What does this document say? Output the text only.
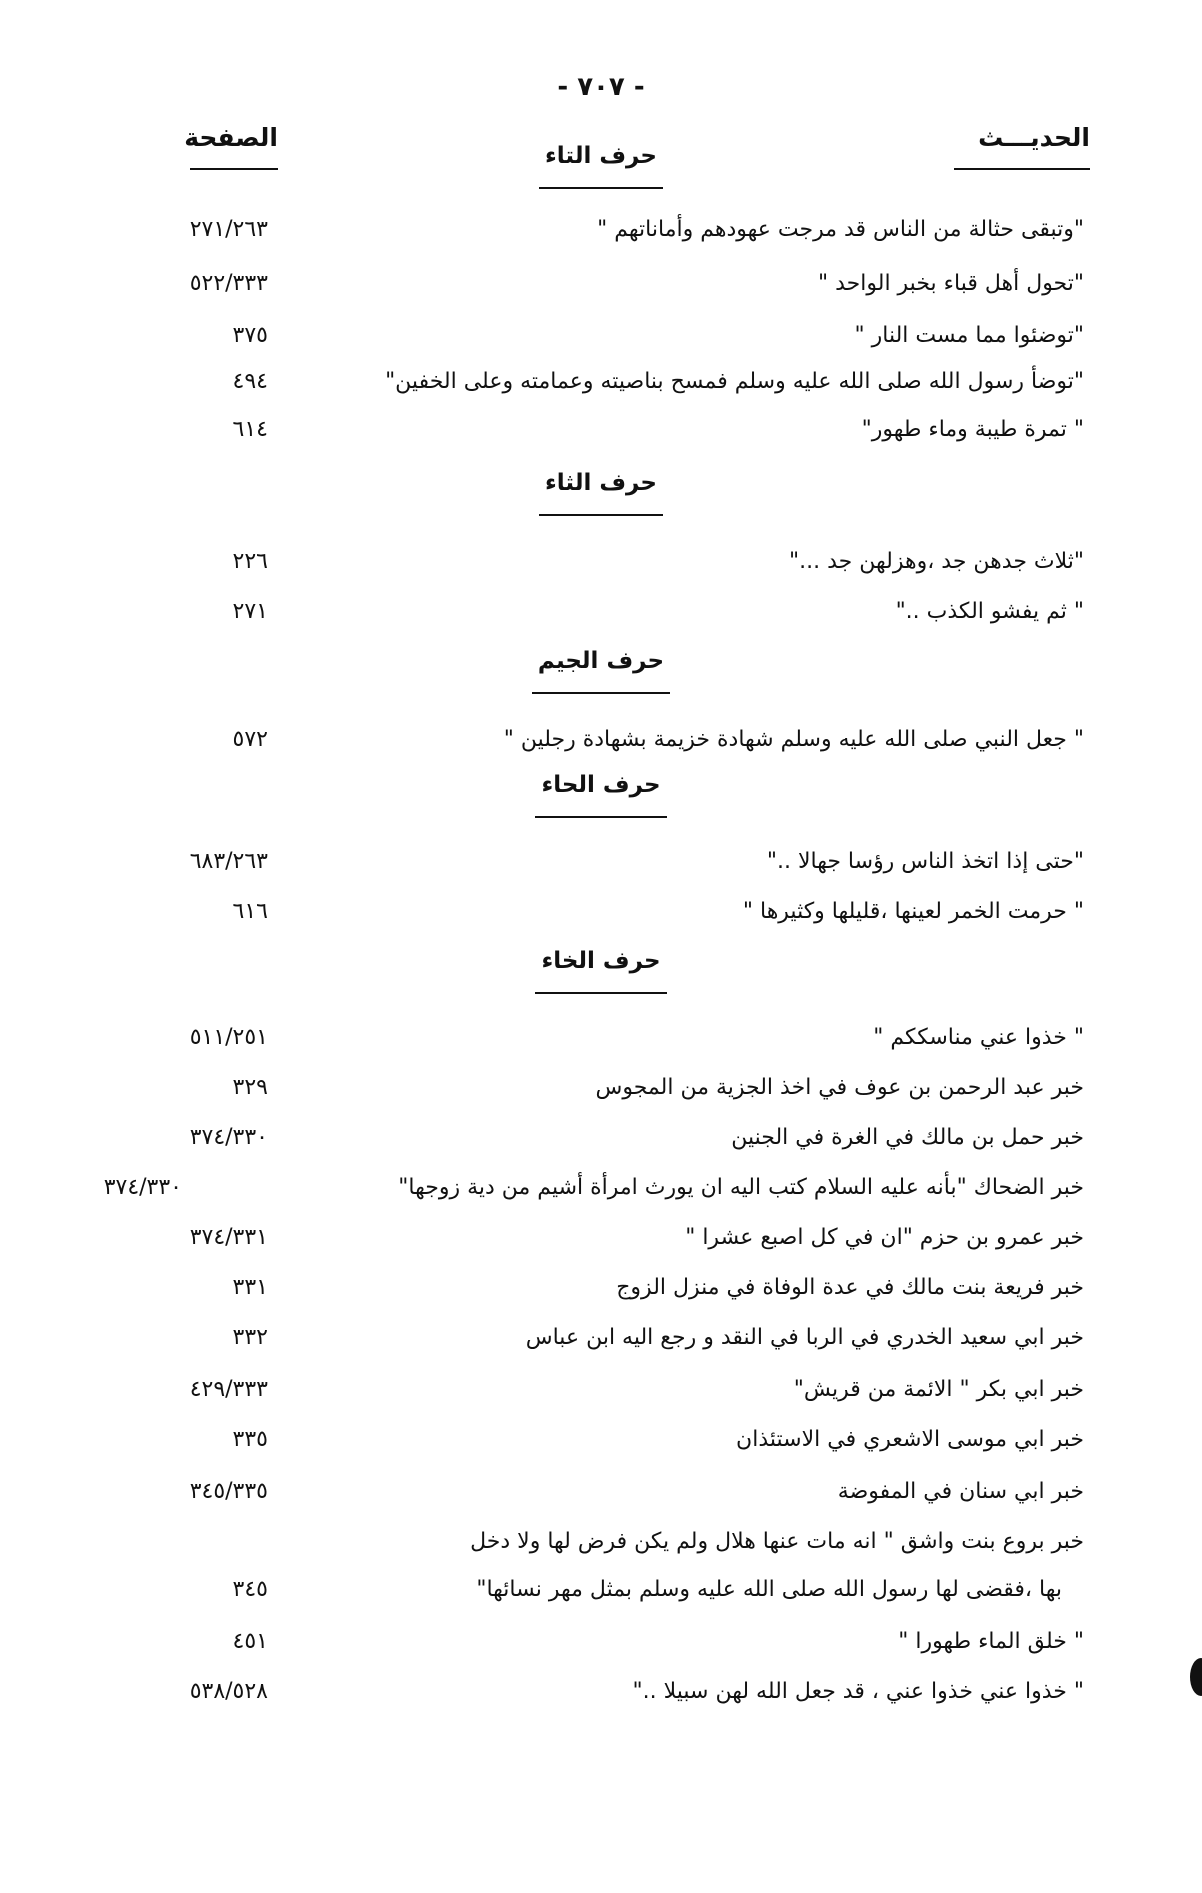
- ٧٠٧ -
الحديـــث
الصفحة
حرف التاء
"وتبقى حثالة من الناس قد مرجت عهودهم وأماناتهم "
٢٧١/٢٦٣
"تحول أهل قباء بخبر الواحد "
٥٢٢/٣٣٣
"توضئوا مما مست النار "
٣٧٥
"توضأ رسول الله صلى الله عليه وسلم فمسح بناصيته وعمامته وعلى الخفين"
٤٩٤
" تمرة طيبة وماء طهور"
٦١٤
حرف الثاء
"ثلاث جدهن جد ،وهزلهن جد ..."
٢٢٦
" ثم يفشو الكذب .."
٢٧١
حرف الجيم
" جعل النبي صلى الله عليه وسلم شهادة خزيمة بشهادة رجلين "
٥٧٢
حرف الحاء
"حتى إذا اتخذ الناس رؤسا جهالا .."
٦٨٣/٢٦٣
" حرمت الخمر لعينها ،قليلها وكثيرها "
٦١٦
حرف الخاء
" خذوا عني مناسككم "
٥١١/٢٥١
خبر عبد الرحمن بن عوف في اخذ الجزية من المجوس
٣٢٩
خبر حمل بن مالك في الغرة في الجنين
٣٧٤/٣٣٠
خبر الضحاك "بأنه عليه السلام كتب اليه ان يورث امرأة أشيم من دية زوجها"
٣٧٤/٣٣٠
خبر عمرو بن حزم "ان في كل اصبع عشرا "
٣٧٤/٣٣١
خبر فريعة بنت مالك في عدة الوفاة في منزل الزوج
٣٣١
خبر ابي سعيد الخدري في الربا في النقد و رجع اليه ابن عباس
٣٣٢
خبر ابي بكر " الائمة من قريش"
٤٢٩/٣٣٣
خبر ابي موسى الاشعري في الاستئذان
٣٣٥
خبر ابي سنان في المفوضة
٣٤٥/٣٣٥
خبر بروع بنت واشق " انه مات عنها هلال ولم يكن فرض لها ولا دخل
بها ،فقضى لها رسول الله صلى الله عليه وسلم بمثل مهر نسائها"
٣٤٥
" خلق الماء طهورا "
٤٥١
" خذوا عني خذوا عني ، قد جعل الله لهن سبيلا .."
٥٣٨/٥٢٨
